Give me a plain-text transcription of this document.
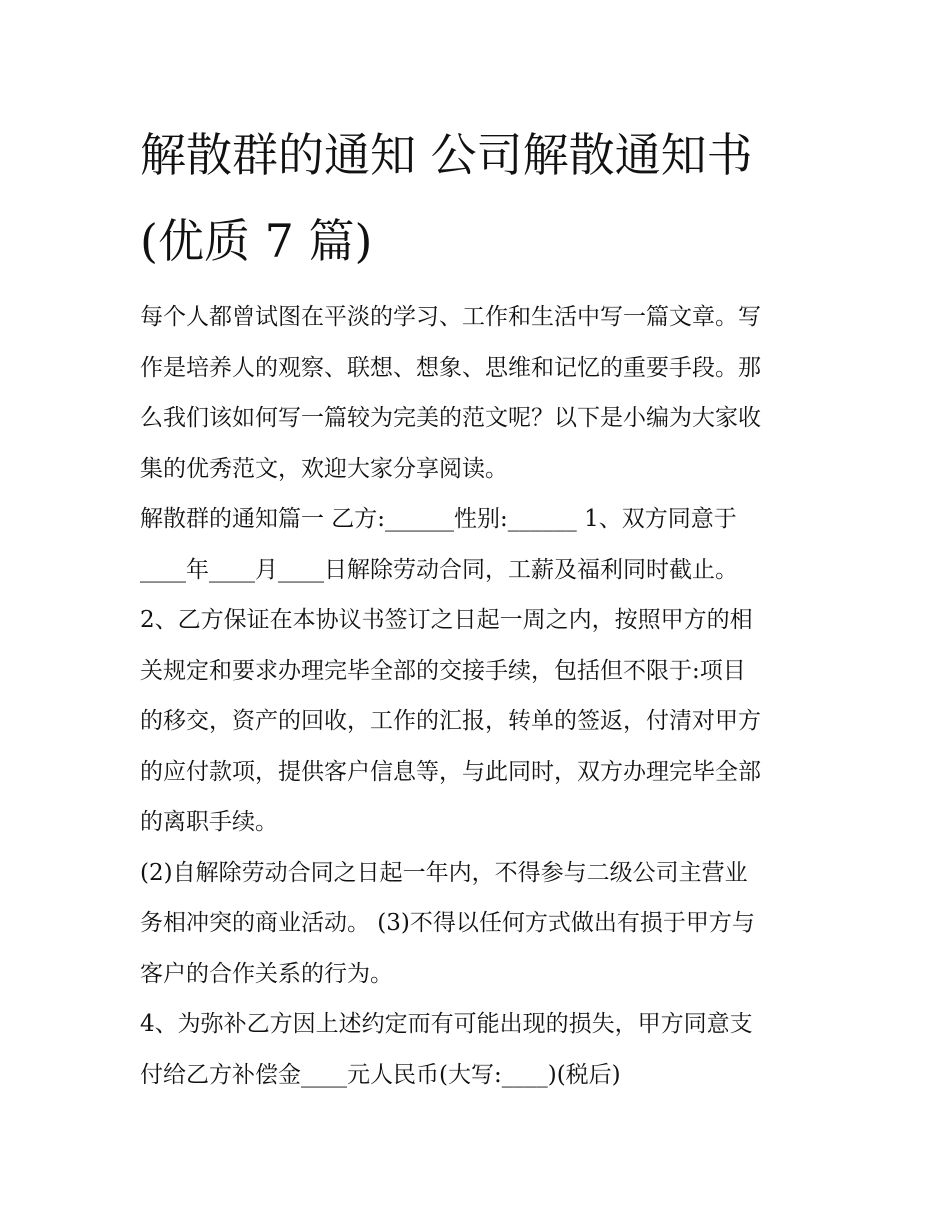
解散群的通知 公司解散通知书
(优质 7 篇)

每个人都曾试图在平淡的学习、工作和生活中写一篇文章。写
作是培养人的观察、联想、想象、思维和记忆的重要手段。那
么我们该如何写一篇较为完美的范文呢？以下是小编为大家收
集的优秀范文，欢迎大家分享阅读。

解散群的通知篇一 乙方:______性别:______ 1、双方同意于
____年____月____日解除劳动合同，工薪及福利同时截止。

2、乙方保证在本协议书签订之日起一周之内，按照甲方的相
关规定和要求办理完毕全部的交接手续，包括但不限于:项目
的移交，资产的回收，工作的汇报，转单的签返，付清对甲方
的应付款项，提供客户信息等，与此同时，双方办理完毕全部
的离职手续。

(2)自解除劳动合同之日起一年内，不得参与二级公司主营业
务相冲突的商业活动。 (3)不得以任何方式做出有损于甲方与
客户的合作关系的行为。

4、为弥补乙方因上述约定而有可能出现的损失，甲方同意支
付给乙方补偿金____元人民币(大写:____)(税后)
